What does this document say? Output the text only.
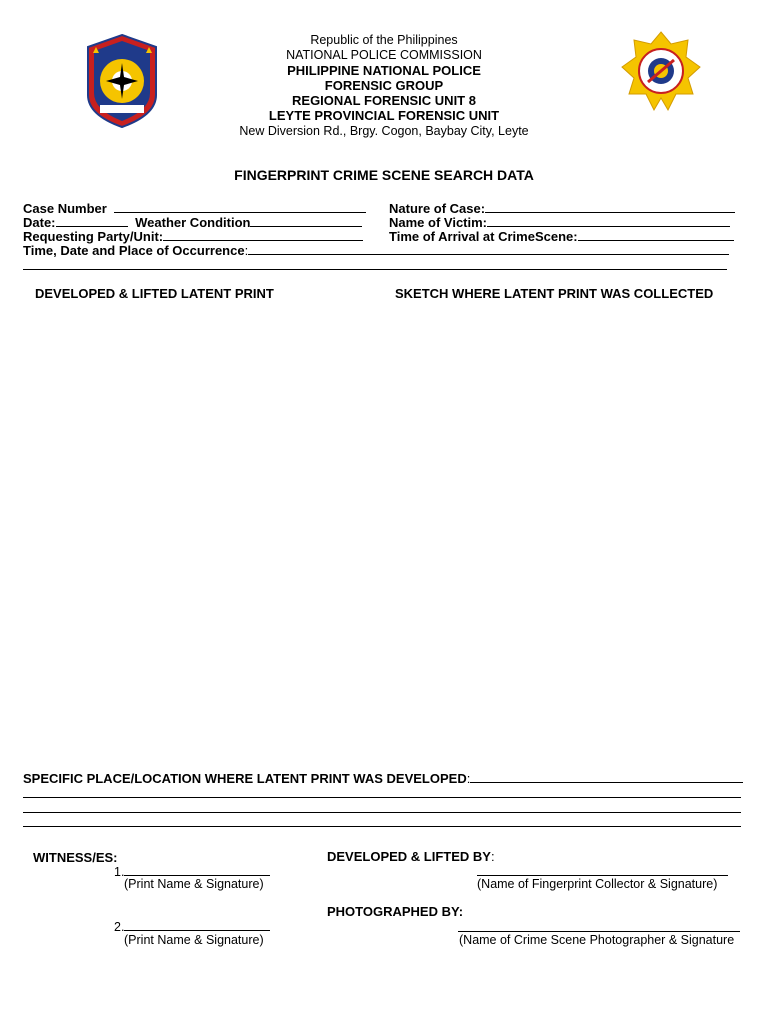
Republic of the Philippines
NATIONAL POLICE COMMISSION
PHILIPPINE NATIONAL POLICE
FORENSIC GROUP
REGIONAL FORENSIC UNIT 8
LEYTE PROVINCIAL FORENSIC UNIT
New Diversion Rd., Brgy. Cogon, Baybay City, Leyte
FINGERPRINT CRIME SCENE SEARCH DATA
Case Number
Date:	Weather Condition
Requesting Party/Unit:
Time, Date and Place of Occurrence:
Nature of Case:
Name of Victim:
Time of Arrival at CrimeScene:
DEVELOPED & LIFTED LATENT PRINT	SKETCH WHERE LATENT PRINT WAS COLLECTED
SPECIFIC PLACE/LOCATION WHERE LATENT PRINT WAS DEVELOPED:
WITNESS/ES:
1.
(Print Name & Signature)
2.
(Print Name & Signature)
DEVELOPED & LIFTED BY:
(Name of Fingerprint Collector & Signature)
PHOTOGRAPHED BY:
(Name of Crime Scene Photographer & Signature
